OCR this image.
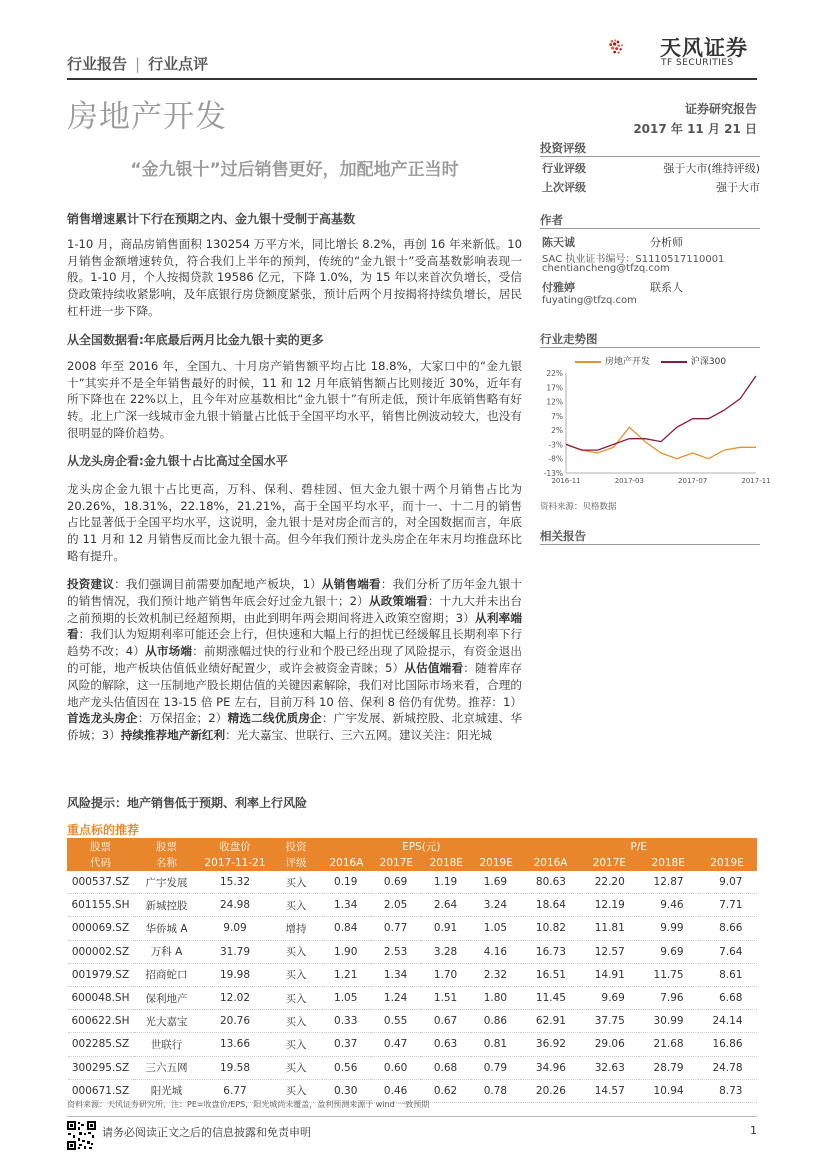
行业报告 | 行业点评
天风证券
TF SECURITIES
房地产开发	证券研究报告
2017 年 11 月 21 日
“金九银十”过后销售更好，加配地产正当时
销售增速累计下行在预期之内、金九银十受制于高基数

1-10 月，商品房销售面积 130254 万平方米，同比增长 8.2%，再创 16 年来新低。10 月销售金额增速转负，符合我们上半年的预判，传统的“金九银十”受高基数影响表现一般。1-10 月，个人按揭贷款 19586 亿元，下降 1.0%，为 15 年以来首次负增长，受信贷政策持续收紧影响，及年底银行房贷额度紧张，预计后两个月按揭将持续负增长，居民杠杆进一步下降。

从全国数据看:年底最后两月比金九银十卖的更多

2008 年至 2016 年，全国九、十月房产销售额平均占比 18.8%，大家口中的“金九银十”其实并不是全年销售最好的时候，11 和 12 月年底销售额占比则接近 30%，近年有所下降也在 22%以上，且今年对应基数相比“金九银十”有所走低，预计年底销售略有好转。北上广深一线城市金九银十销量占比低于全国平均水平，销售比例波动较大，也没有很明显的降价趋势。

从龙头房企看:金九银十占比高过全国水平

龙头房企金九银十占比更高，万科、保利、碧桂园、恒大金九银十两个月销售占比为 20.26%，18.31%，22.18%，21.21%，高于全国平均水平，而十一、十二月的销售占比显著低于全国平均水平，这说明，金九银十是对房企而言的，对全国数据而言，年底的 11 月和 12 月销售反而比金九银十高。但今年我们预计龙头房企在年末月均推盘环比略有提升。

投资建议：我们强调目前需要加配地产板块，1）从销售端看：我们分析了历年金九银十的销售情况，我们预计地产销售年底会好过金九银十；2）从政策端看：十九大并未出台之前预期的长效机制已经超预期，由此到明年两会期间将进入政策空窗期；3）从利率端看：我们认为短期利率可能还会上行，但快速和大幅上行的担忧已经缓解且长期利率下行趋势不改；4）从市场端：前期涨幅过快的行业和个股已经出现了风险提示，有资金退出的可能，地产板块估值低业绩好配置少，或许会被资金青睐；5）从估值端看：随着库存风险的解除，这一压制地产股长期估值的关键因素解除，我们对比国际市场来看，合理的地产龙头估值因在 13-15 倍 PE 左右，目前万科 10 倍、保利 8 倍仍有优势。推荐：1）首选龙头房企：万保招金；2）精选二线优质房企：广宇发展、新城控股、北京城建、华侨城；3）持续推荐地产新红利：光大嘉宝、世联行、三六五网。建议关注：阳光城

风险提示：地产销售低于预期、利率上行风险
投资评级
行业评级	强于大市(维持评级)
上次评级	强于大市
作者
陈天诚	分析师
SAC 执业证书编号：S1110517110001
chentiancheng@tfzq.com
付雅婷	联系人
fuyating@tfzq.com
行业走势图
房地产开发	沪深300
22%
17%
12%
7%
2%
-3%
-8%
-13%
2016-11	2017-03	2017-07	2017-11
资料来源：贝格数据
相关报告
重点标的推荐
股票	股票	收盘价	投资	EPS(元)				P/E			
代码	名称	2017-11-21	评级	2016A	2017E	2018E	2019E	2016A	2017E	2018E	2019E
000537.SZ	广宇发展	15.32	买入	0.19	0.69	1.19	1.69	80.63	22.20	12.87	9.07
601155.SH	新城控股	24.98	买入	1.34	2.05	2.64	3.24	18.64	12.19	9.46	7.71
000069.SZ	华侨城 A	9.09	增持	0.84	0.77	0.91	1.05	10.82	11.81	9.99	8.66
000002.SZ	万科 A	31.79	买入	1.90	2.53	3.28	4.16	16.73	12.57	9.69	7.64
001979.SZ	招商蛇口	19.98	买入	1.21	1.34	1.70	2.32	16.51	14.91	11.75	8.61
600048.SH	保利地产	12.02	买入	1.05	1.24	1.51	1.80	11.45	9.69	7.96	6.68
600622.SH	光大嘉宝	20.76	买入	0.33	0.55	0.67	0.86	62.91	37.75	30.99	24.14
002285.SZ	世联行	13.66	买入	0.37	0.47	0.63	0.81	36.92	29.06	21.68	16.86
300295.SZ	三六五网	19.58	买入	0.56	0.60	0.68	0.79	34.96	32.63	28.79	24.78
000671.SZ	阳光城	6.77	买入	0.30	0.46	0.62	0.78	20.26	14.57	10.94	8.73
资料来源：天风证券研究所，注：PE=收盘价/EPS，阳光城尚未覆盖，盈利预测来源于 wind 一致预期
请务必阅读正文之后的信息披露和免责申明	1
